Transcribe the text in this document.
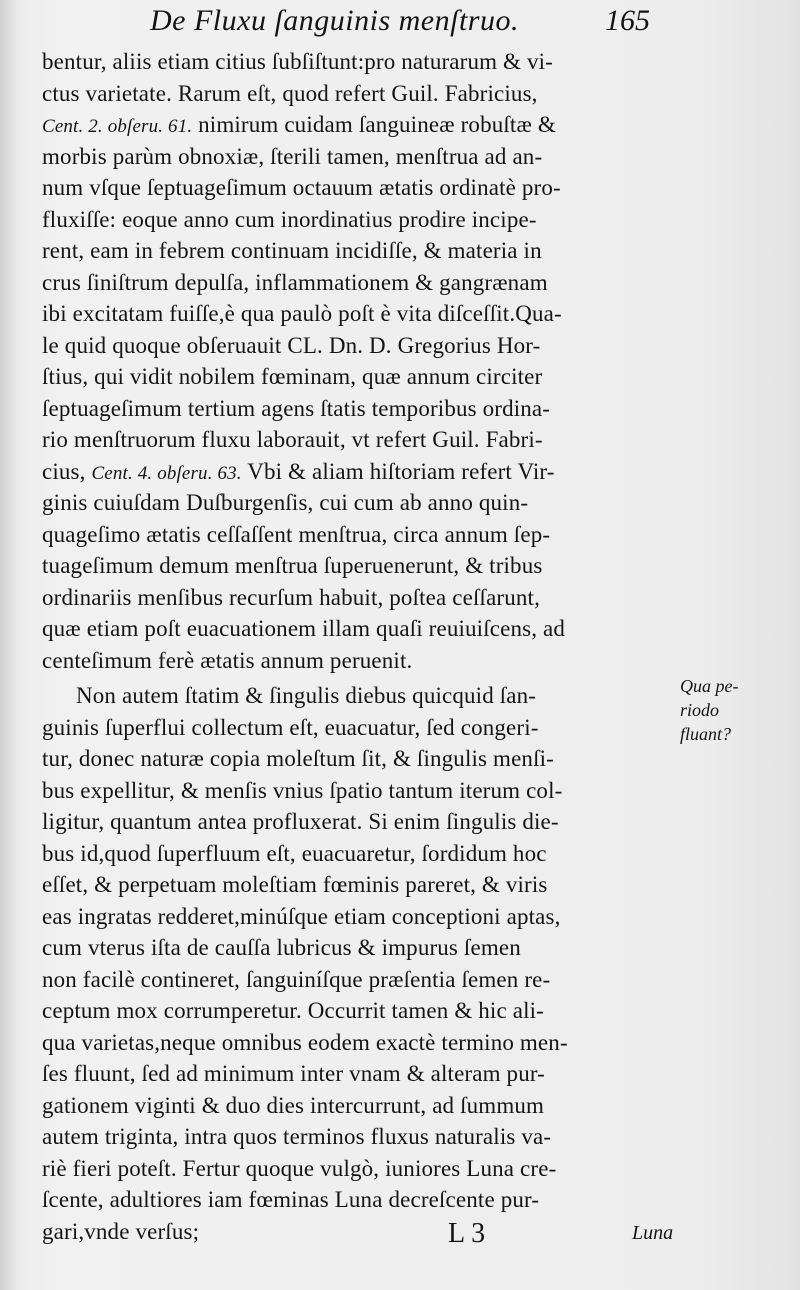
De Fluxu ſanguinis menſtruo.	165
bentur, aliis etiam citius ſubſiſtunt:pro naturarum & vi-
ctus varietate. Rarum eſt, quod refert Guil. Fabricius,
Cent. 2. obſeru. 61. nimirum cuidam ſanguineæ robuſtæ &
morbis parùm obnoxiæ, ſterili tamen, menſtrua ad an-
num vſque ſeptuageſimum octauum ætatis ordinatè pro-
fluxiſſe: eoque anno cum inordinatius prodire incipe-
rent, eam in febrem continuam incidiſſe, & materia in
crus ſiniſtrum depulſa, inflammationem & gangrænam
ibi excitatam fuiſſe,è qua paulò poſt è vita diſceſſit.Qua-
le quid quoque obſeruauit CL. Dn. D. Gregorius Hor-
ſtius, qui vidit nobilem fœminam, quæ annum circiter
ſeptuageſimum tertium agens ſtatis temporibus ordina-
rio menſtruorum fluxu laborauit, vt refert Guil. Fabri-
cius, Cent. 4. obſeru. 63. Vbi & aliam hiſtoriam refert Vir-
ginis cuiuſdam Duſburgenſis, cui cum ab anno quin-
quageſimo ætatis ceſſaſſent menſtrua, circa annum ſep-
tuageſimum demum menſtrua ſuperuenerunt, & tribus
ordinariis menſibus recurſum habuit, poſtea ceſſarunt,
quæ etiam poſt euacuationem illam quaſi reuiuiſcens, ad
centeſimum ferè ætatis annum peruenit.
Non autem ſtatim & ſingulis diebus quicquid ſan-
guinis ſuperflui collectum eſt, euacuatur, ſed congeri-
tur, donec naturæ copia moleſtum ſit, & ſingulis menſi-
bus expellitur, & menſis vnius ſpatio tantum iterum col-
ligitur, quantum antea profluxerat. Si enim ſingulis die-
bus id,quod ſuperfluum eſt, euacuaretur, ſordidum hoc
eſſet, & perpetuam moleſtiam fœminis pareret, & viris
eas ingratas redderet,minúſque etiam conceptioni aptas,
cum vterus iſta de cauſſa lubricus & impurus ſemen
non facilè contineret, ſanguiníſque præſentia ſemen re-
ceptum mox corrumperetur. Occurrit tamen & hic ali-
qua varietas,neque omnibus eodem exactè termino men-
ſes fluunt, ſed ad minimum inter vnam & alteram pur-
gationem viginti & duo dies intercurrunt, ad ſummum
autem triginta, intra quos terminos fluxus naturalis va-
riè fieri poteſt. Fertur quoque vulgò, iuniores Luna cre-
ſcente, adultiores iam fœminas Luna decreſcente pur-
gari,vnde verſus;
Qua pe-
riodo
fluant?
L 3	Luna
